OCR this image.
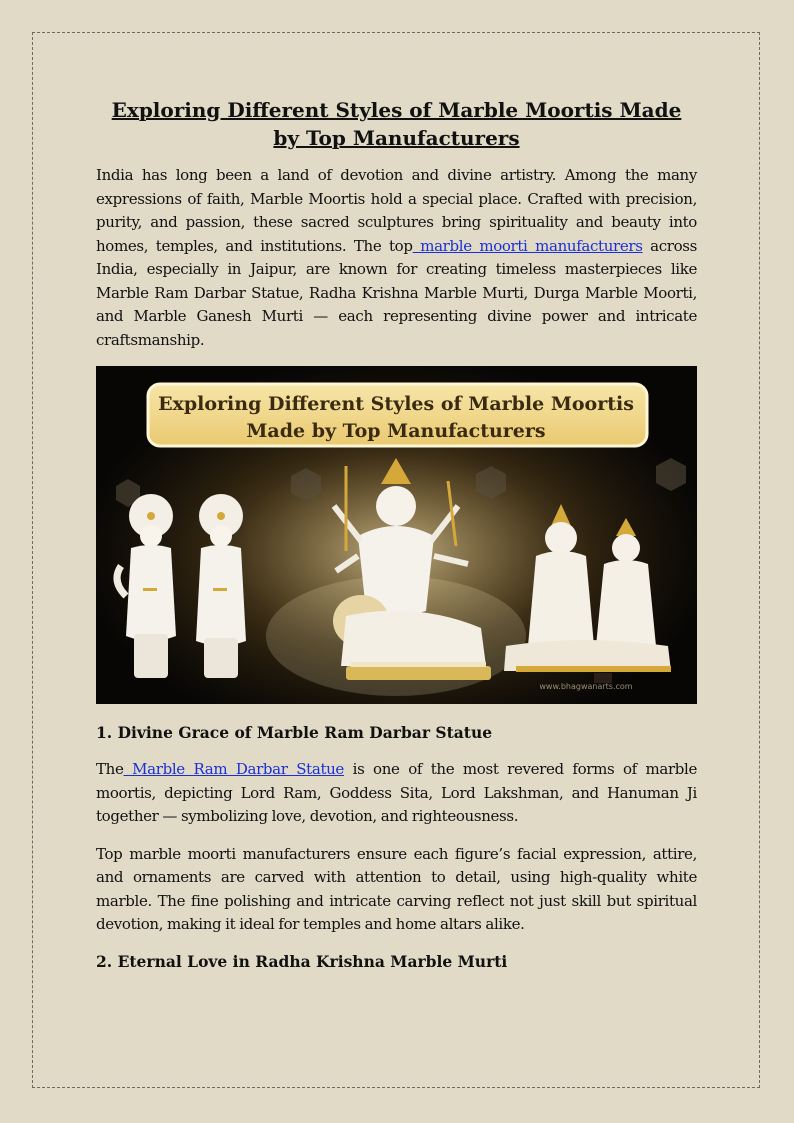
Exploring Different Styles of Marble Moortis Made by Top Manufacturers

India has long been a land of devotion and divine artistry. Among the many expressions of faith, Marble Moortis hold a special place. Crafted with precision, purity, and passion, these sacred sculptures bring spirituality and beauty into homes, temples, and institutions. The top marble moorti manufacturers across India, especially in Jaipur, are known for creating timeless masterpieces like Marble Ram Darbar Statue, Radha Krishna Marble Murti, Durga Marble Moorti, and Marble Ganesh Murti — each representing divine power and intricate craftsmanship.

Exploring Different Styles of Marble Moortis
Made by Top Manufacturers
www.bhagwanarts.com
1. Divine Grace of Marble Ram Darbar Statue

The Marble Ram Darbar Statue is one of the most revered forms of marble moortis, depicting Lord Ram, Goddess Sita, Lord Lakshman, and Hanuman Ji together — symbolizing love, devotion, and righteousness.

Top marble moorti manufacturers ensure each figure’s facial expression, attire, and ornaments are carved with attention to detail, using high-quality white marble. The fine polishing and intricate carving reflect not just skill but spiritual devotion, making it ideal for temples and home altars alike.

2. Eternal Love in Radha Krishna Marble Murti
